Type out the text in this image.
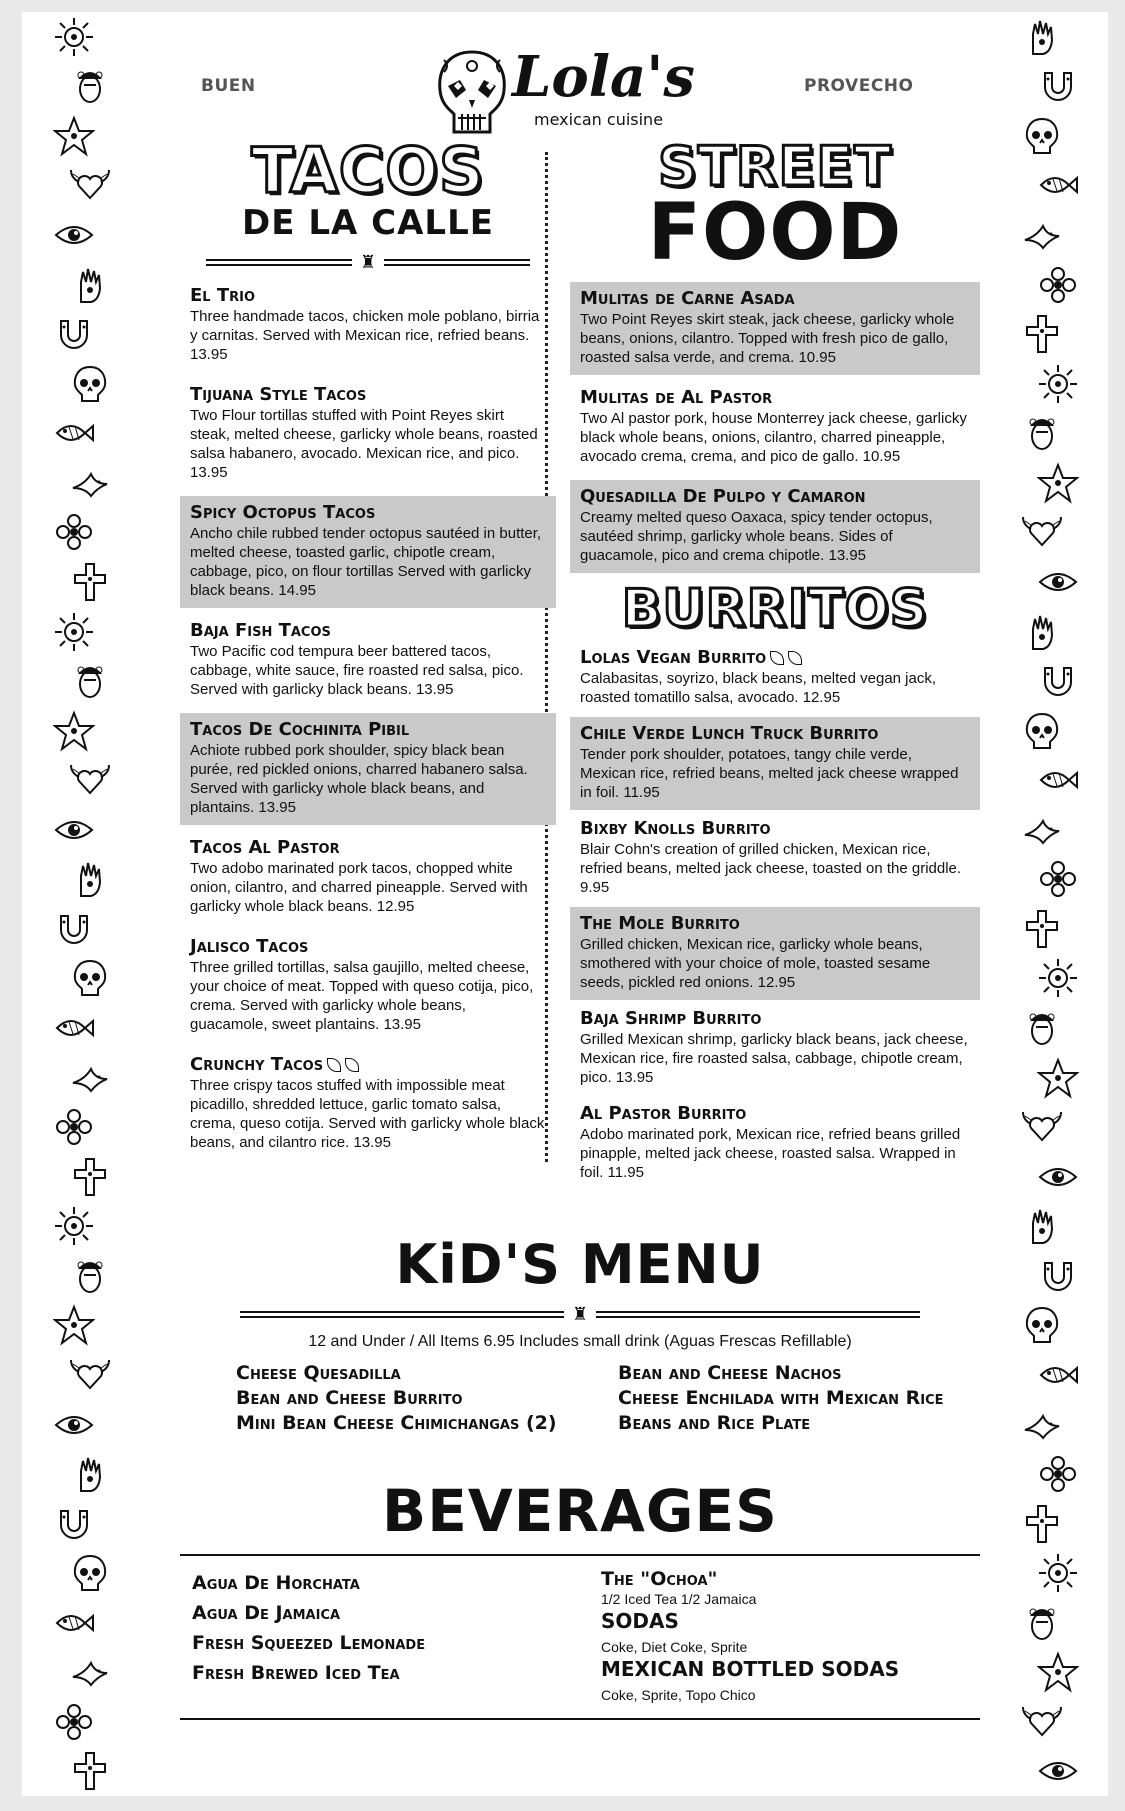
BUEN	PROVECHO
Lola's
mexican cuisine
TACOS
DE LA CALLE
♜
El Trio
Three handmade tacos, chicken mole poblano, birria y carnitas. Served with Mexican rice, refried beans. 13.95
Tijuana Style Tacos
Two Flour tortillas stuffed with Point Reyes skirt steak, melted cheese, garlicky whole beans, roasted salsa habanero, avocado. Mexican rice, and pico. 13.95
Spicy Octopus Tacos
Ancho chile rubbed tender octopus sautéed in butter, melted cheese, toasted garlic, chipotle cream, cabbage, pico, on flour tortillas Served with garlicky black beans. 14.95
Baja Fish Tacos
Two Pacific cod tempura beer battered tacos, cabbage, white sauce, fire roasted red salsa, pico. Served with garlicky black beans. 13.95
Tacos De Cochinita Pibil
Achiote rubbed pork shoulder, spicy black bean purée, red pickled onions, charred habanero salsa. Served with garlicky whole black beans, and plantains. 13.95
Tacos Al Pastor
Two adobo marinated pork tacos, chopped white onion, cilantro, and charred pineapple. Served with garlicky whole black beans. 12.95
Jalisco Tacos
Three grilled tortillas, salsa gaujillo, melted cheese, your choice of meat. Topped with queso cotija, pico, crema. Served with garlicky whole beans, guacamole, sweet plantains. 13.95
Crunchy Tacos
Three crispy tacos stuffed with impossible meat picadillo, shredded lettuce, garlic tomato salsa, crema, queso cotija. Served with garlicky whole black beans, and cilantro rice. 13.95
STREET
FOOD
Mulitas de Carne Asada
Two Point Reyes skirt steak, jack cheese, garlicky whole beans, onions, cilantro. Topped with fresh pico de gallo, roasted salsa verde, and crema. 10.95
Mulitas de Al Pastor
Two Al pastor pork, house Monterrey jack cheese, garlicky black whole beans, onions, cilantro, charred pineapple, avocado crema, crema, and pico de gallo. 10.95
Quesadilla De Pulpo y Camaron
Creamy melted queso Oaxaca, spicy tender octopus, sautéed shrimp, garlicky whole beans. Sides of guacamole, pico and crema chipotle. 13.95
BURRITOS
Lolas Vegan Burrito
Calabasitas, soyrizo, black beans, melted vegan jack, roasted tomatillo salsa, avocado. 12.95
Chile Verde Lunch Truck Burrito
Tender pork shoulder, potatoes, tangy chile verde, Mexican rice, refried beans, melted jack cheese wrapped in foil. 11.95
Bixby Knolls Burrito
Blair Cohn's creation of grilled chicken, Mexican rice, refried beans, melted jack cheese, toasted on the griddle. 9.95
The Mole Burrito
Grilled chicken, Mexican rice, garlicky whole beans, smothered with your choice of mole, toasted sesame seeds, pickled red onions. 12.95
Baja Shrimp Burrito
Grilled Mexican shrimp, garlicky black beans, jack cheese, Mexican rice, fire roasted salsa, cabbage, chipotle cream, pico. 13.95
Al Pastor Burrito
Adobo marinated pork, Mexican rice, refried beans grilled pinapple, melted jack cheese, roasted salsa. Wrapped in foil. 11.95
KiD'S MENU
♜
12 and Under / All Items 6.95 Includes small drink (Aguas Frescas Refillable)
Cheese Quesadilla
Bean and Cheese Burrito
Mini Bean Cheese Chimichangas (2)
Bean and Cheese Nachos
Cheese Enchilada with Mexican Rice
Beans and Rice Plate
BEVERAGES
Agua De Horchata
Agua De Jamaica
Fresh Squeezed Lemonade
Fresh Brewed Iced Tea
The "Ochoa"
1/2 Iced Tea 1/2 Jamaica
SODAS
Coke, Diet Coke, Sprite
MEXICAN BOTTLED SODAS
Coke, Sprite, Topo Chico
